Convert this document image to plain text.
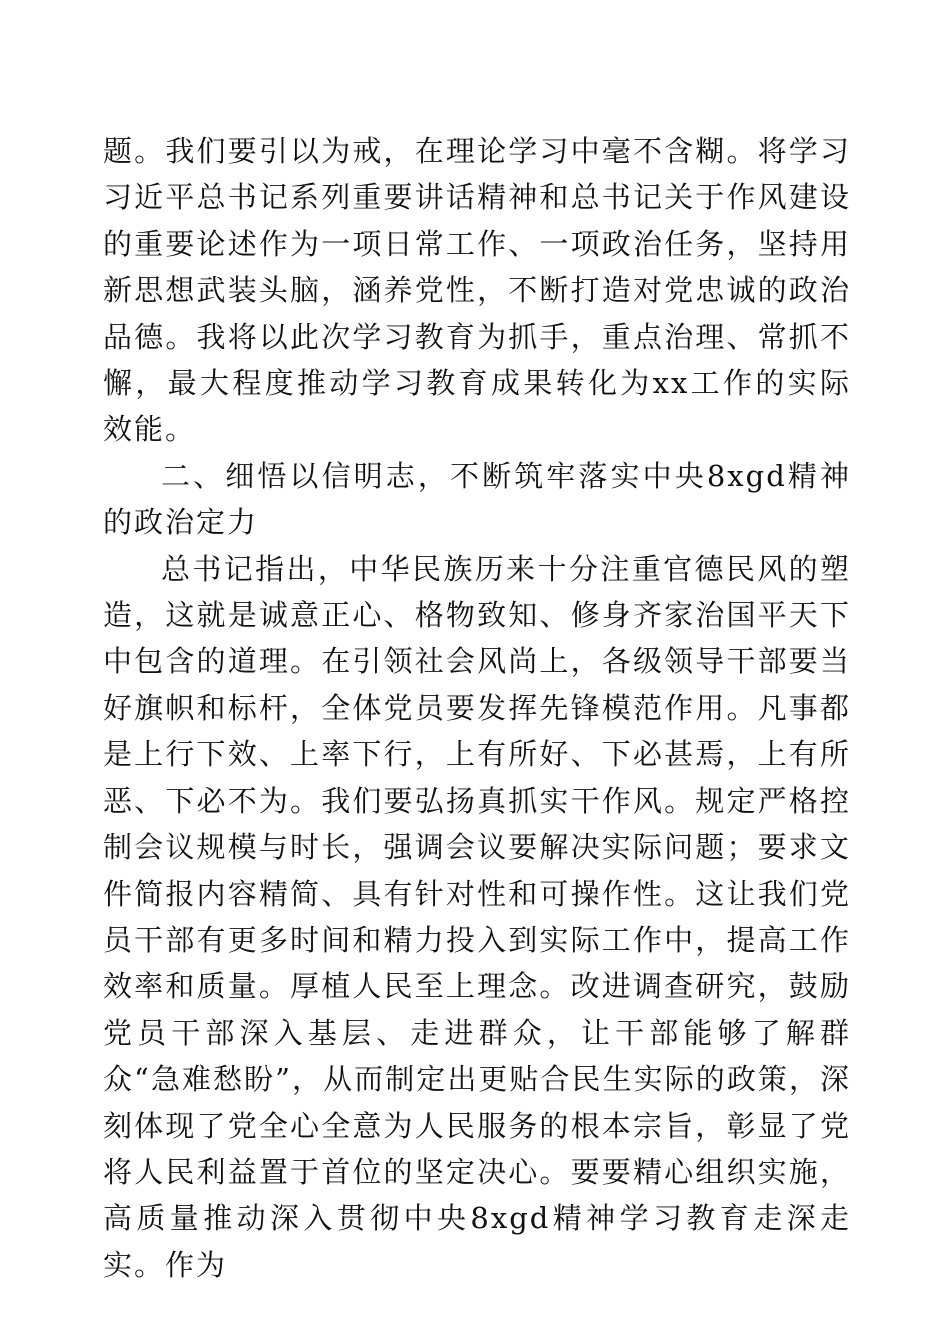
题。我们要引以为戒，在理论学习中毫不含糊。将学习习近平总书记系列重要讲话精神和总书记关于作风建设的重要论述作为一项日常工作、一项政治任务，坚持用新思想武装头脑，涵养党性，不断打造对党忠诚的政治品德。我将以此次学习教育为抓手，重点治理、常抓不懈，最大程度推动学习教育成果转化为xx工作的实际效能。

二、细悟以信明志，不断筑牢落实中央8xgd精神的政治定力

总书记指出，中华民族历来十分注重官德民风的塑造，这就是诚意正心、格物致知、修身齐家治国平天下中包含的道理。在引领社会风尚上，各级领导干部要当好旗帜和标杆，全体党员要发挥先锋模范作用。凡事都是上行下效、上率下行，上有所好、下必甚焉，上有所恶、下必不为。我们要弘扬真抓实干作风。规定严格控制会议规模与时长，强调会议要解决实际问题；要求文件简报内容精简、具有针对性和可操作性。这让我们党员干部有更多时间和精力投入到实际工作中，提高工作效率和质量。厚植人民至上理念。改进调查研究，鼓励党员干部深入基层、走进群众，让干部能够了解群众“急难愁盼”，从而制定出更贴合民生实际的政策，深刻体现了党全心全意为人民服务的根本宗旨，彰显了党将人民利益置于首位的坚定决心。要要精心组织实施，高质量推动深入贯彻中央8xgd精神学习教育走深走实。作为
